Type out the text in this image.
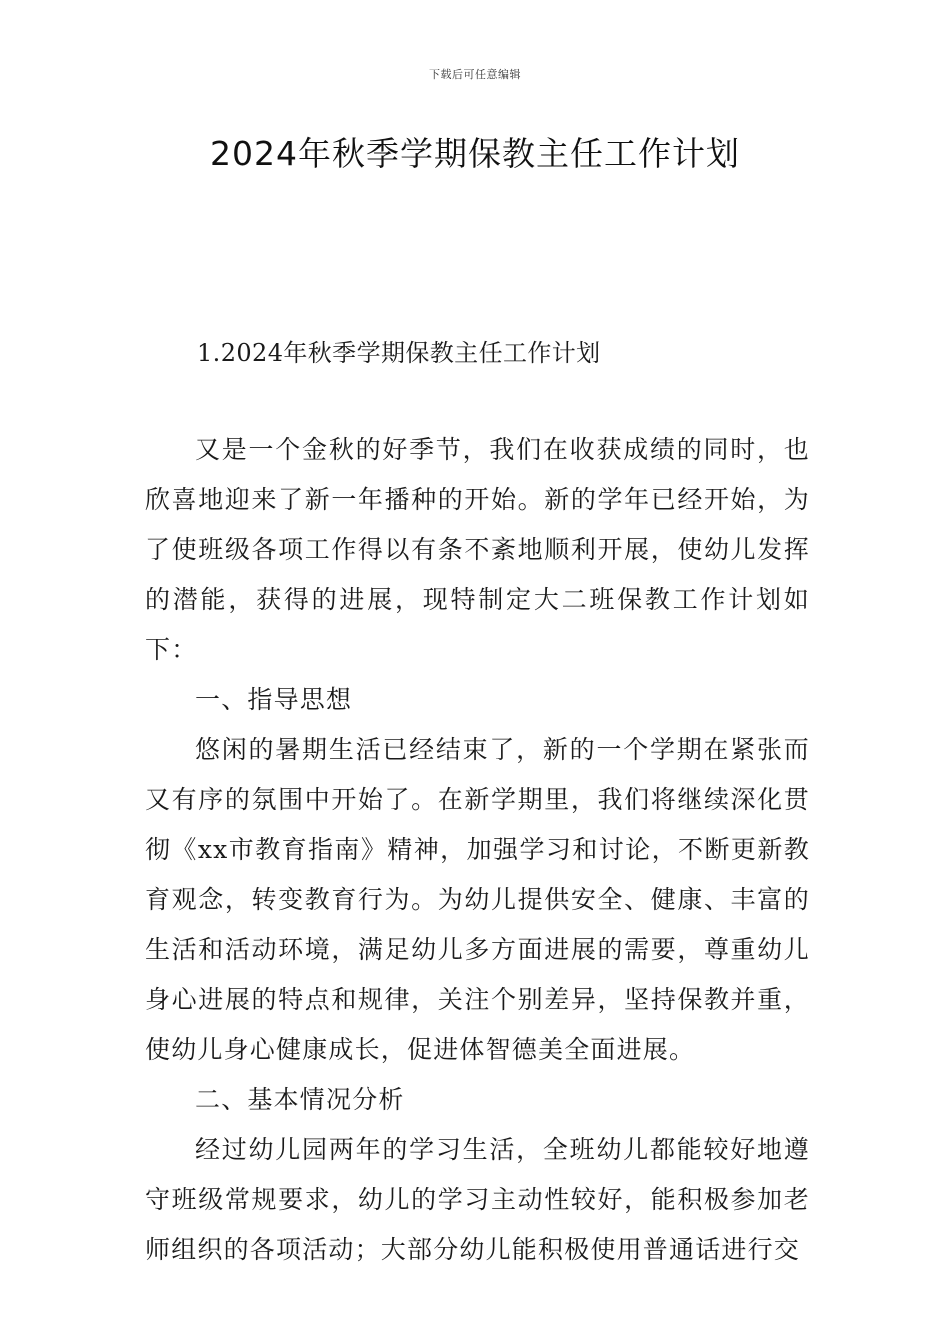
下载后可任意编辑
2024年秋季学期保教主任工作计划
1.2024年秋季学期保教主任工作计划

又是一个金秋的好季节，我们在收获成绩的同时，也欣喜地迎来了新一年播种的开始。新的学年已经开始，为了使班级各项工作得以有条不紊地顺利开展，使幼儿发挥的潜能，获得的进展，现特制定大二班保教工作计划如下：

一、指导思想

悠闲的暑期生活已经结束了，新的一个学期在紧张而又有序的氛围中开始了。在新学期里，我们将继续深化贯彻《xx市教育指南》精神，加强学习和讨论，不断更新教育观念，转变教育行为。为幼儿提供安全、健康、丰富的生活和活动环境，满足幼儿多方面进展的需要，尊重幼儿身心进展的特点和规律，关注个别差异，坚持保教并重，使幼儿身心健康成长，促进体智德美全面进展。

二、基本情况分析

经过幼儿园两年的学习生活，全班幼儿都能较好地遵守班级常规要求，幼儿的学习主动性较好，能积极参加老师组织的各项活动；大部分幼儿能积极使用普通话进行交
